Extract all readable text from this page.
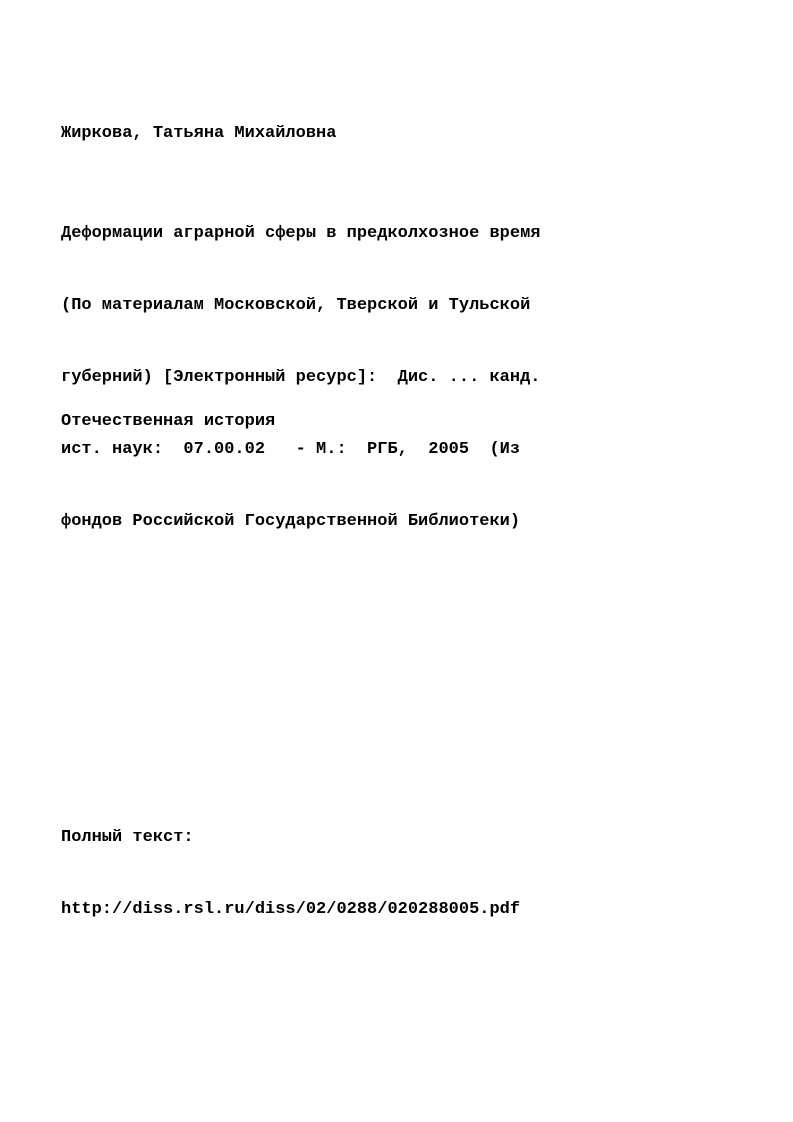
Жиркова, Татьяна Михайловна

Деформации аграрной сферы в предколхозное время

(По материалам Московской, Тверской и Тульской

губерний) [Электронный ресурс]:  Дис. ... канд.

ист. наук:  07.00.02   - М.:  РГБ,  2005  (Из

фондов Российской Государственной Библиотеки)

Отечественная история

Полный текст:

http://diss.rsl.ru/diss/02/0288/020288005.pdf
